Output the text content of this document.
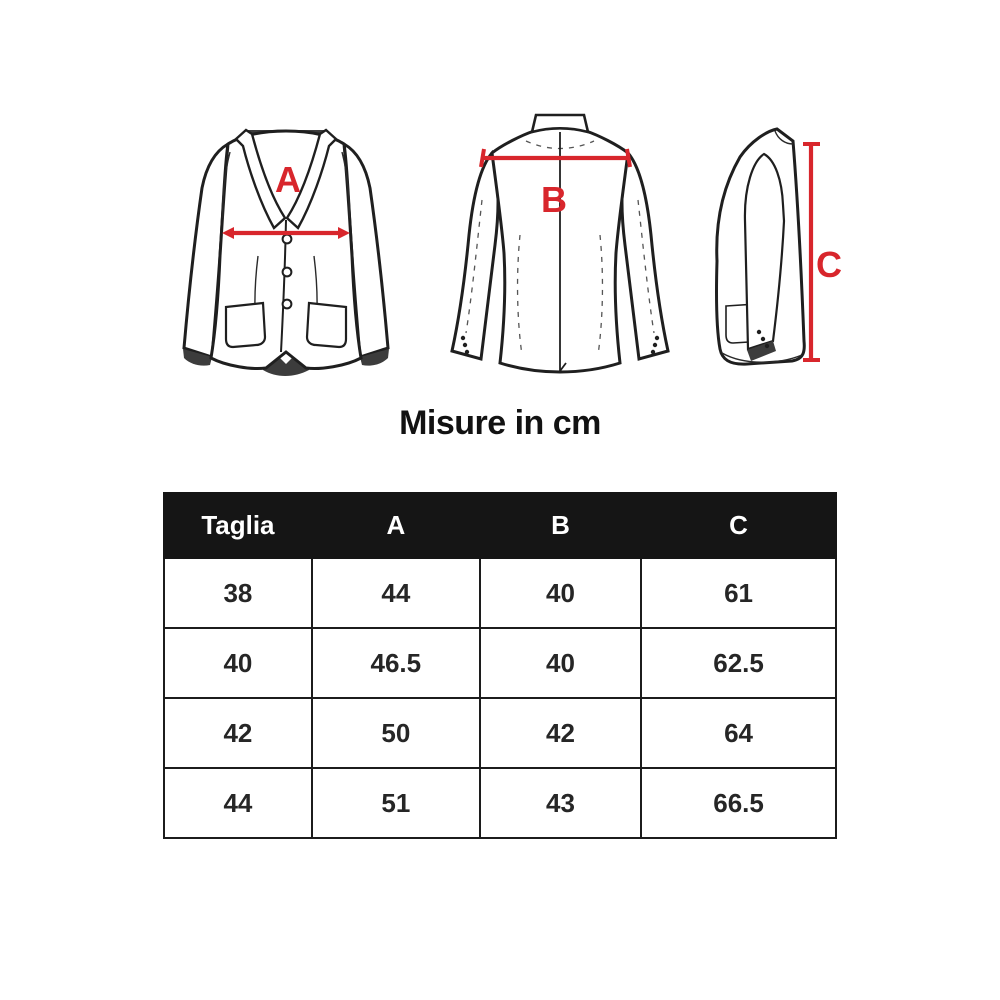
A	B
C
Misure in cm
Taglia	A	B	C
38	44	40	61
40	46.5	40	62.5
42	50	42	64
44	51	43	66.5
